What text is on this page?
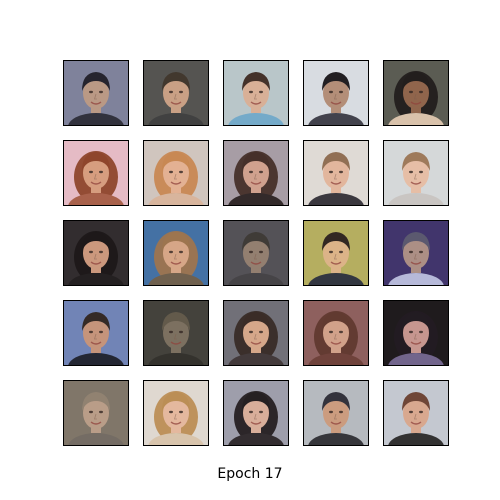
Epoch 17
